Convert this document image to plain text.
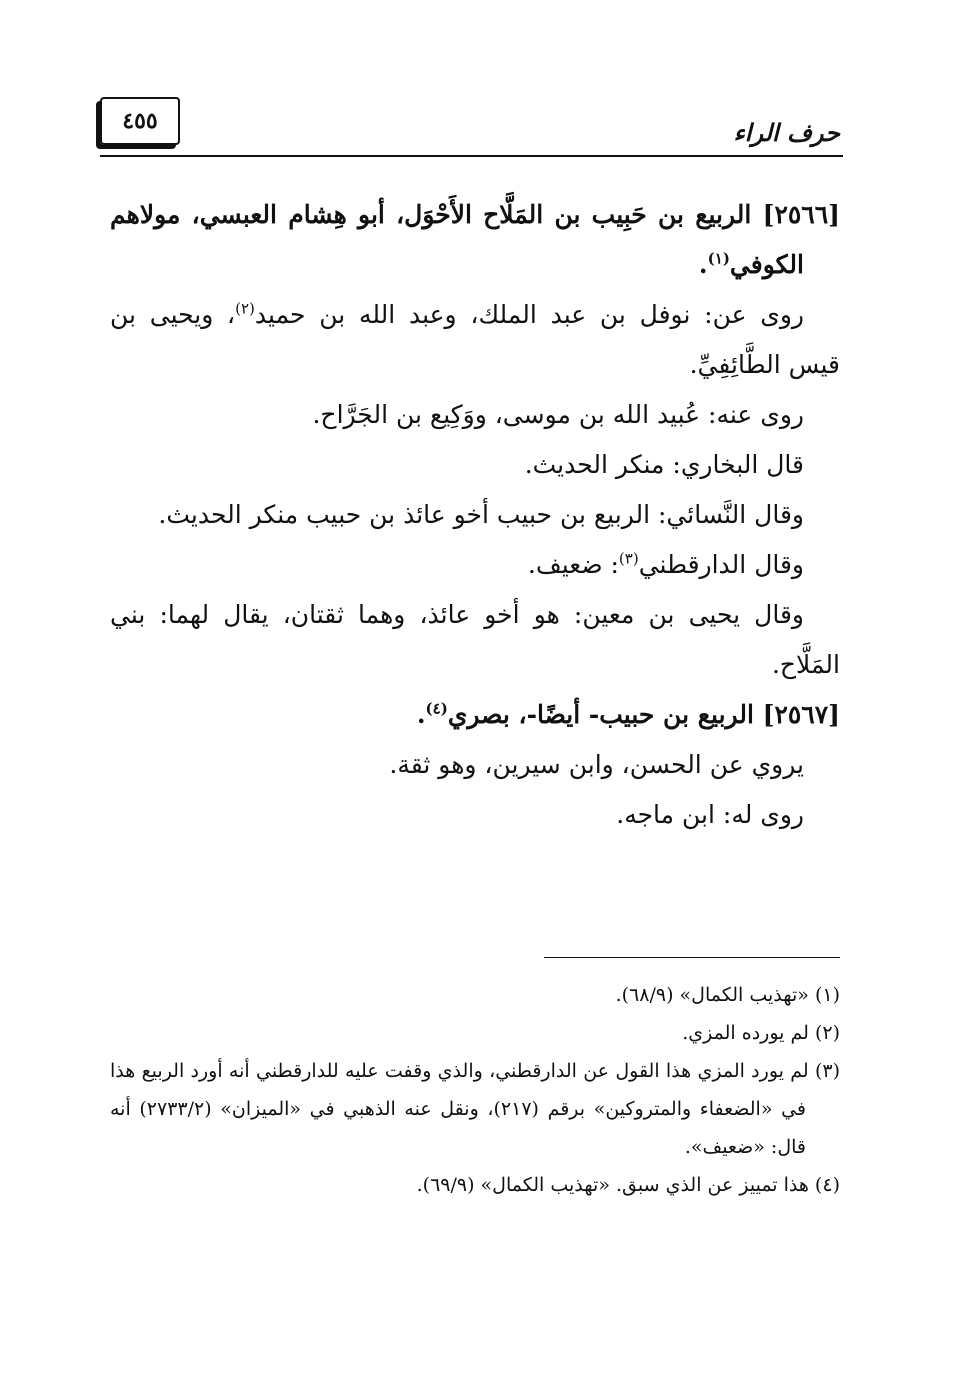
٤٥٥	حرف الراء

[٢٥٦٦] الربيع بن حَبِيب بن المَلَّاح الأَحْوَل، أبو هِشام العبسي، مولاهم

الكوفي$^{(١)}$.

روى عن: نوفل بن عبد الملك، وعبد الله بن حميد$^{(٢)}$، ويحيى بن

قيس الطَّائِفِيِّ.

روى عنه: عُبيد الله بن موسى، ووَكِيع بن الجَرَّاح.

قال البخاري: منكر الحديث.

وقال النَّسائي: الربيع بن حبيب أخو عائذ بن حبيب منكر الحديث.

وقال الدارقطني$^{(٣)}$: ضعيف.

وقال يحيى بن معين: هو أخو عائذ، وهما ثقتان، يقال لهما: بني

المَلَّاح.

[٢٥٦٧] الربيع بن حبيب- أيضًا-، بصري$^{(٤)}$.

يروي عن الحسن، وابن سيرين، وهو ثقة.

روى له: ابن ماجه.

(١) «تهذيب الكمال» (٦٨/٩).

(٢) لم يورده المزي.

(٣) لم يورد المزي هذا القول عن الدارقطني، والذي وقفت عليه للدارقطني أنه أورد الربيع هذا

في «الضعفاء والمتروكين» برقم (٢١٧)، ونقل عنه الذهبي في «الميزان» (٢٧٣٣/٢) أنه

قال: «ضعيف».

(٤) هذا تمييز عن الذي سبق. «تهذيب الكمال» (٦٩/٩).
